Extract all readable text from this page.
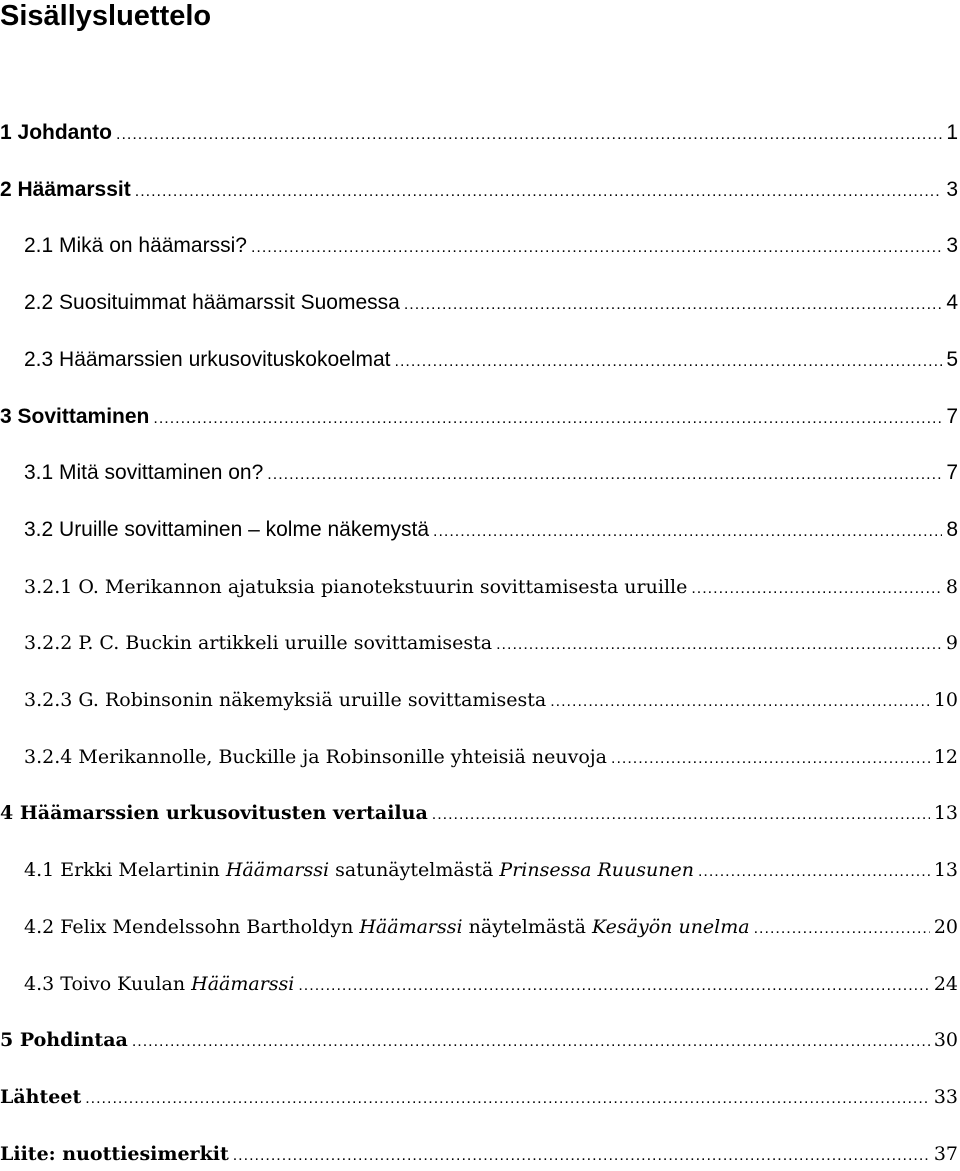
Sisällysluettelo
1 Johdanto .....	1
2 Häämarssit .....	3
2.1 Mikä on häämarssi? .....	3
2.2 Suosituimmat häämarssit Suomessa .....	4
2.3 Häämarssien urkusovituskokoelmat .....	5
3 Sovittaminen .....	7
3.1 Mitä sovittaminen on? .....	7
3.2 Uruille sovittaminen – kolme näkemystä .....	8
3.2.1 O. Merikannon ajatuksia pianotekstuurin sovittamisesta uruille .....	8
3.2.2 P. C. Buckin artikkeli uruille sovittamisesta .....	9
3.2.3 G. Robinsonin näkemyksiä uruille sovittamisesta .....	10
3.2.4 Merikannolle, Buckille ja Robinsonille yhteisiä neuvoja .....	12
4 Häämarssien urkusovitusten vertailua .....	13
4.1 Erkki Melartinin Häämarssi satunäytelmästä Prinsessa Ruusunen .....	13
4.2 Felix Mendelssohn Bartholdyn Häämarssi näytelmästä Kesäyön unelma .....	20
4.3 Toivo Kuulan Häämarssi .....	24
5 Pohdintaa .....	30
Lähteet .....	33
Liite: nuottiesimerkit .....	37
